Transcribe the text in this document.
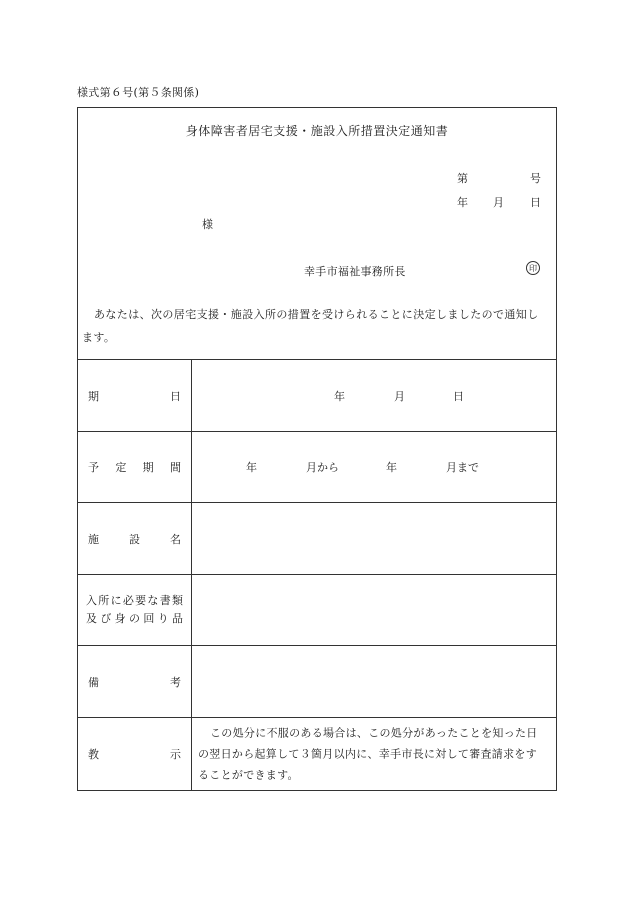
様式第６号(第５条関係)
身体障害者居宅支援・施設入所措置決定通知書
第	号
年 月 日
様
幸手市福祉事務所長	印
あなたは、次の居宅支援・施設入所の措置を受けられることに決定しましたので通知し
ます。
期	日	年	月	日
予 定 期 間	年	月から	年	月まで
施	設	名
入 所 に 必 要 な 書 類
及 び 身 の 回 り 品
備	考
教	示
この処分に不服のある場合は、この処分があったことを知った日
の翌日から起算して３箇月以内に、幸手市長に対して審査請求をす
ることができます。
